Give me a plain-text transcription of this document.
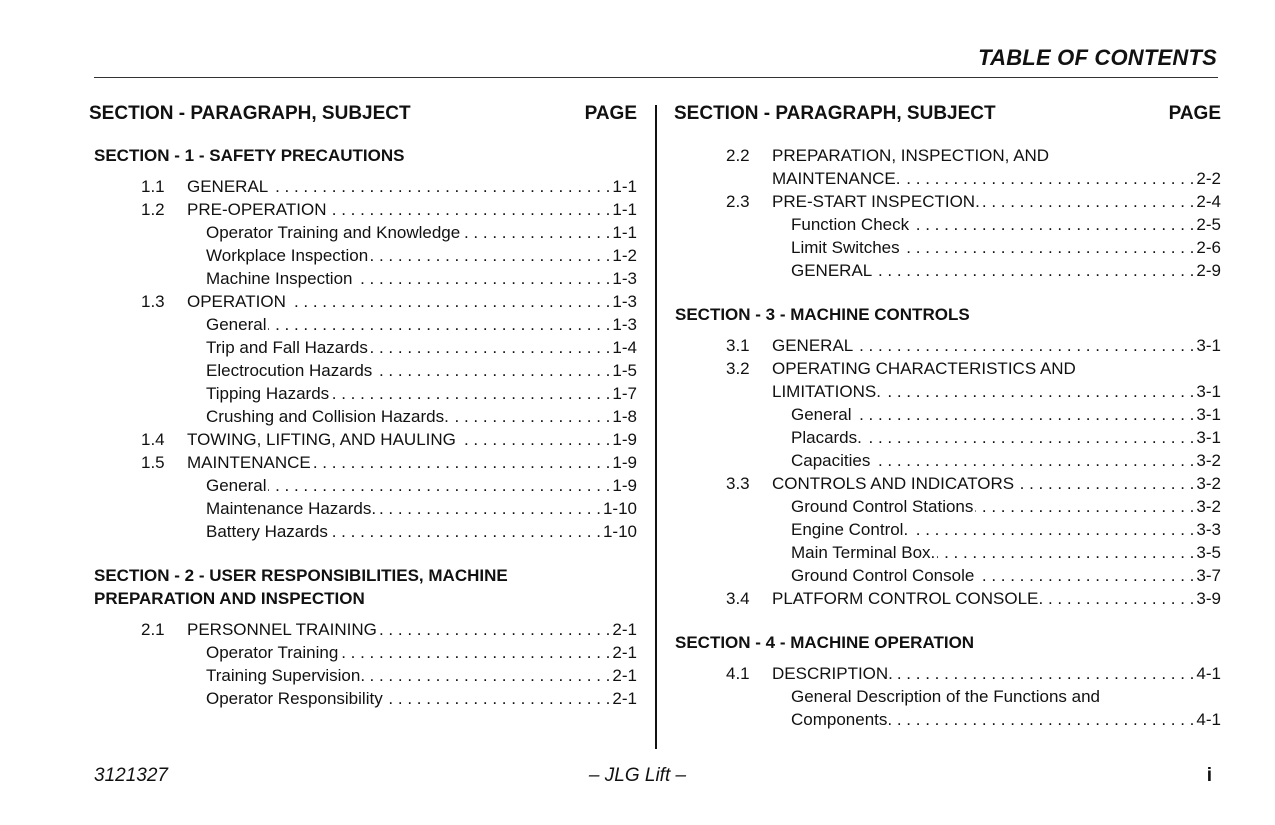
TABLE OF CONTENTS
SECTION - PARAGRAPH, SUBJECT	PAGE
SECTION - 1 - SAFETY PRECAUTIONS
1.1	GENERAL . . .	1-1
1.2	PRE-OPERATION . . .	1-1
Operator Training and Knowledge . . .	1-1
Workplace Inspection . . .	1-2
Machine Inspection . . .	1-3
1.3	OPERATION . . .	1-3
General . . .	1-3
Trip and Fall Hazards . . .	1-4
Electrocution Hazards . . .	1-5
Tipping Hazards . . .	1-7
Crushing and Collision Hazards. . . .	1-8
1.4	TOWING, LIFTING, AND HAULING . . .	1-9
1.5	MAINTENANCE . . .	1-9
General . . .	1-9
Maintenance Hazards. . . .	1-10
Battery Hazards . . .	1-10
SECTION - 2 - USER RESPONSIBILITIES, MACHINE PREPARATION AND INSPECTION
2.1	PERSONNEL TRAINING . . .	2-1
Operator Training . . .	2-1
Training Supervision. . . .	2-1
Operator Responsibility . . .	2-1
SECTION - PARAGRAPH, SUBJECT	PAGE
2.2	PREPARATION, INSPECTION, AND
MAINTENANCE. . . .	2-2
2.3	PRE-START INSPECTION. . . .	2-4
Function Check . . .	2-5
Limit Switches . . .	2-6
GENERAL . . .	2-9
SECTION - 3 - MACHINE CONTROLS
3.1	GENERAL . . .	3-1
3.2	OPERATING CHARACTERISTICS AND
LIMITATIONS. . . .	3-1
General . . .	3-1
Placards. . . .	3-1
Capacities . . .	3-2
3.3	CONTROLS AND INDICATORS . . .	3-2
Ground Control Stations . . .	3-2
Engine Control. . . .	3-3
Main Terminal Box. . . .	3-5
Ground Control Console . . .	3-7
3.4	PLATFORM CONTROL CONSOLE . . .	3-9
SECTION - 4 - MACHINE OPERATION
4.1	DESCRIPTION. . . .	4-1
General Description of the Functions and
Components . . .	4-1
3121327	– JLG Lift –	i
